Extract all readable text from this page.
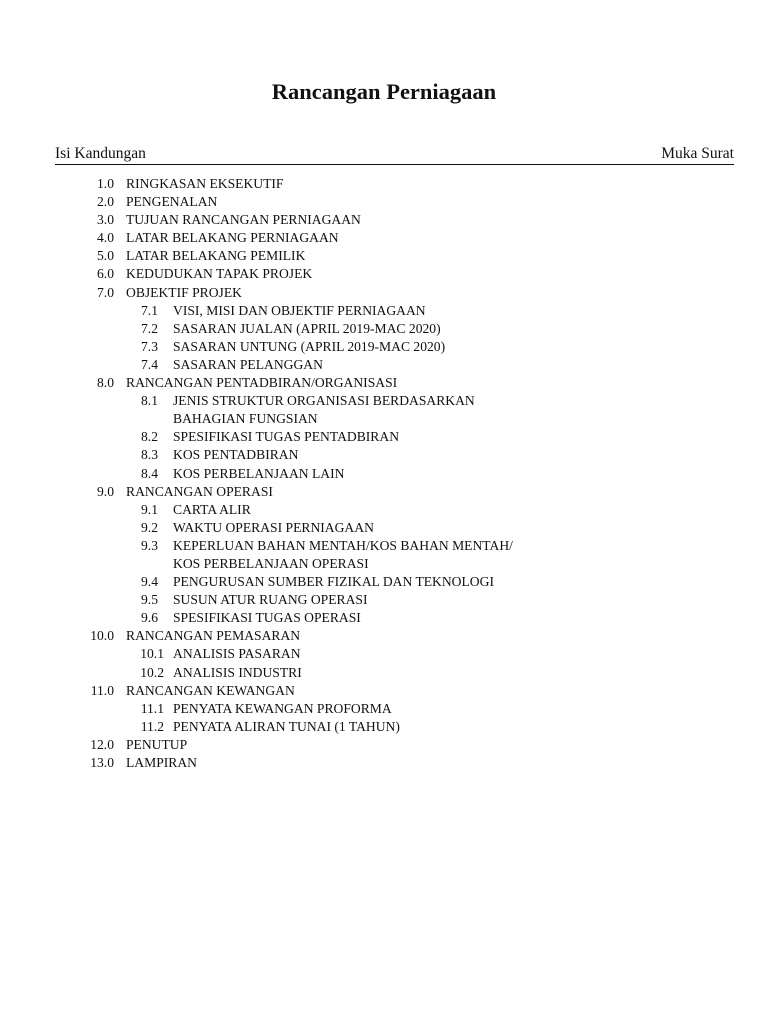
Rancangan Perniagaan
Isi Kandungan	Muka Surat
1.0 RINGKASAN EKSEKUTIF
2.0 PENGENALAN
3.0 TUJUAN RANCANGAN PERNIAGAAN
4.0 LATAR BELAKANG PERNIAGAAN
5.0 LATAR BELAKANG PEMILIK
6.0 KEDUDUKAN TAPAK PROJEK
7.0 OBJEKTIF PROJEK
7.1 VISI, MISI DAN OBJEKTIF PERNIAGAAN
7.2 SASARAN JUALAN (APRIL 2019-MAC 2020)
7.3 SASARAN UNTUNG (APRIL 2019-MAC 2020)
7.4 SASARAN PELANGGAN
8.0 RANCANGAN PENTADBIRAN/ORGANISASI
8.1 JENIS STRUKTUR ORGANISASI BERDASARKAN
BAHAGIAN FUNGSIAN
8.2 SPESIFIKASI TUGAS PENTADBIRAN
8.3 KOS PENTADBIRAN
8.4 KOS PERBELANJAAN LAIN
9.0 RANCANGAN OPERASI
9.1 CARTA ALIR
9.2 WAKTU OPERASI PERNIAGAAN
9.3 KEPERLUAN BAHAN MENTAH/KOS BAHAN MENTAH/
KOS PERBELANJAAN OPERASI
9.4 PENGURUSAN SUMBER FIZIKAL DAN TEKNOLOGI
9.5 SUSUN ATUR RUANG OPERASI
9.6 SPESIFIKASI TUGAS OPERASI
10.0 RANCANGAN PEMASARAN
10.1 ANALISIS PASARAN
10.2 ANALISIS INDUSTRI
11.0 RANCANGAN KEWANGAN
11.1 PENYATA KEWANGAN PROFORMA
11.2 PENYATA ALIRAN TUNAI (1 TAHUN)
12.0 PENUTUP
13.0 LAMPIRAN
